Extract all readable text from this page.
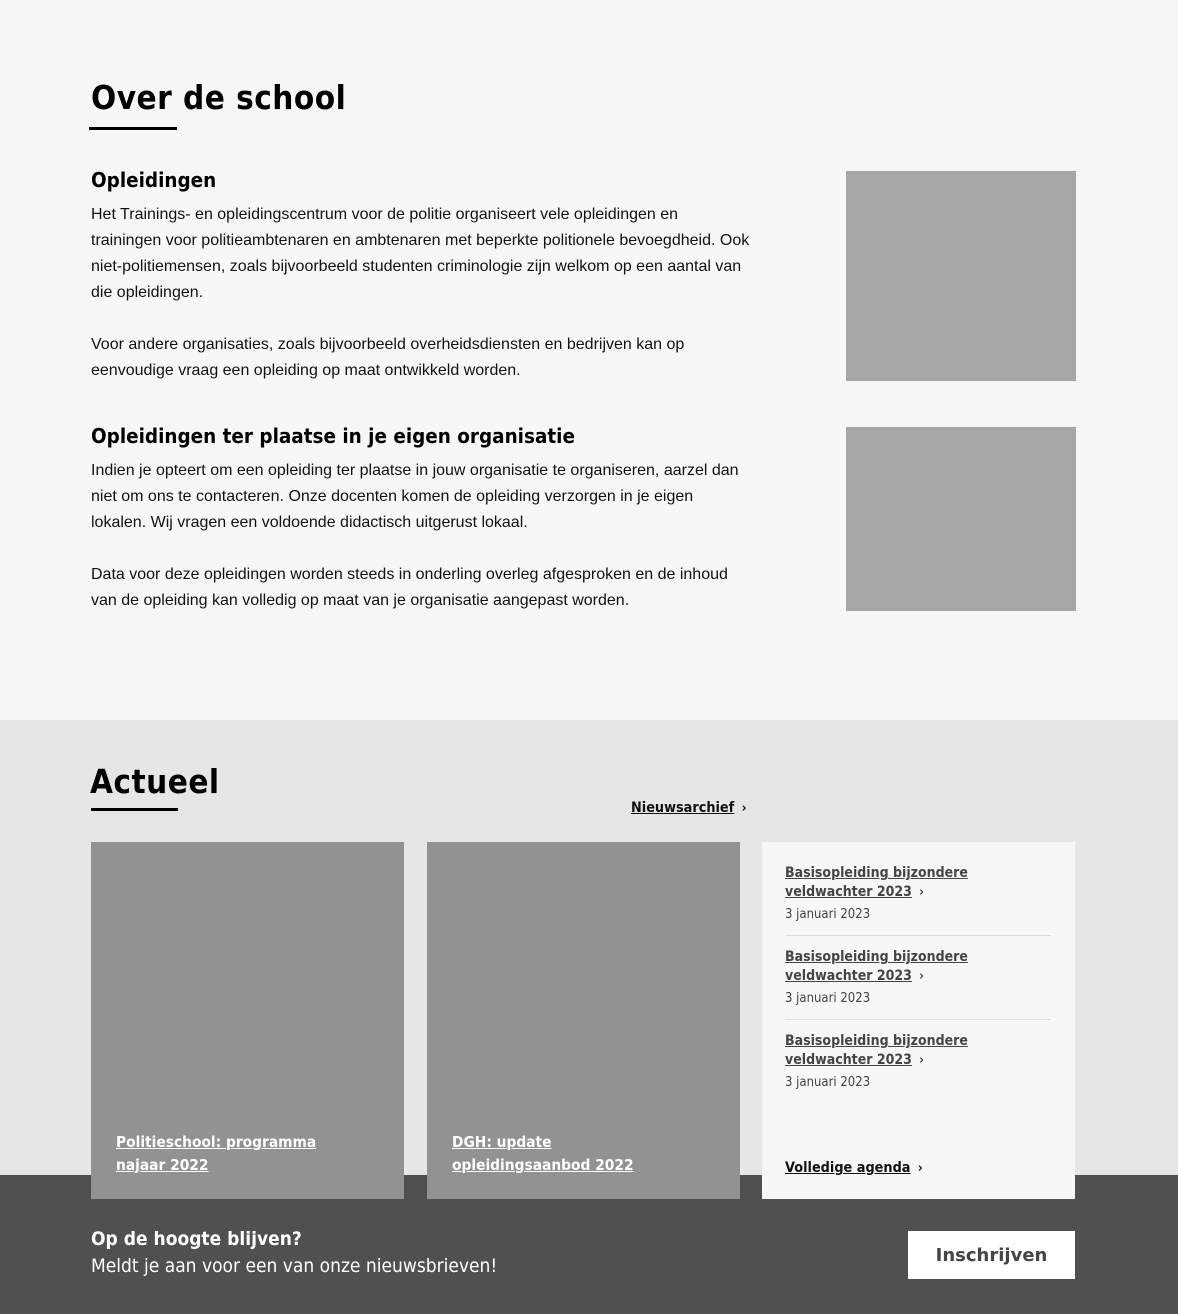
Over de school
Opleidingen

Het Trainings- en opleidingscentrum voor de politie organiseert vele opleidingen en trainingen voor politieambtenaren en ambtenaren met beperkte politionele bevoegdheid. Ook niet-politiemensen, zoals bijvoorbeeld studenten criminologie zijn welkom op een aantal van die opleidingen.

Voor andere organisaties, zoals bijvoorbeeld overheidsdiensten en bedrijven kan op eenvoudige vraag een opleiding op maat ontwikkeld worden.

Opleidingen ter plaatse in je eigen organisatie

Indien je opteert om een opleiding ter plaatse in jouw organisatie te organiseren, aarzel dan niet om ons te contacteren. Onze docenten komen de opleiding verzorgen in je eigen lokalen. Wij vragen een voldoende didactisch uitgerust lokaal.

Data voor deze opleidingen worden steeds in onderling overleg afgesproken en de inhoud van de opleiding kan volledig op maat van je organisatie aangepast worden.

Actueel
Nieuwsarchief ›
Politieschool: programma najaar 2022
DGH: update opleidingsaanbod 2022
Basisopleiding bijzondere veldwachter 2023 ›
3 januari 2023
Basisopleiding bijzondere veldwachter 2023 ›
3 januari 2023
Basisopleiding bijzondere veldwachter 2023 ›
3 januari 2023
Volledige agenda ›
Op de hoogte blijven?
Meldt je aan voor een van onze nieuwsbrieven!	Inschrijven
